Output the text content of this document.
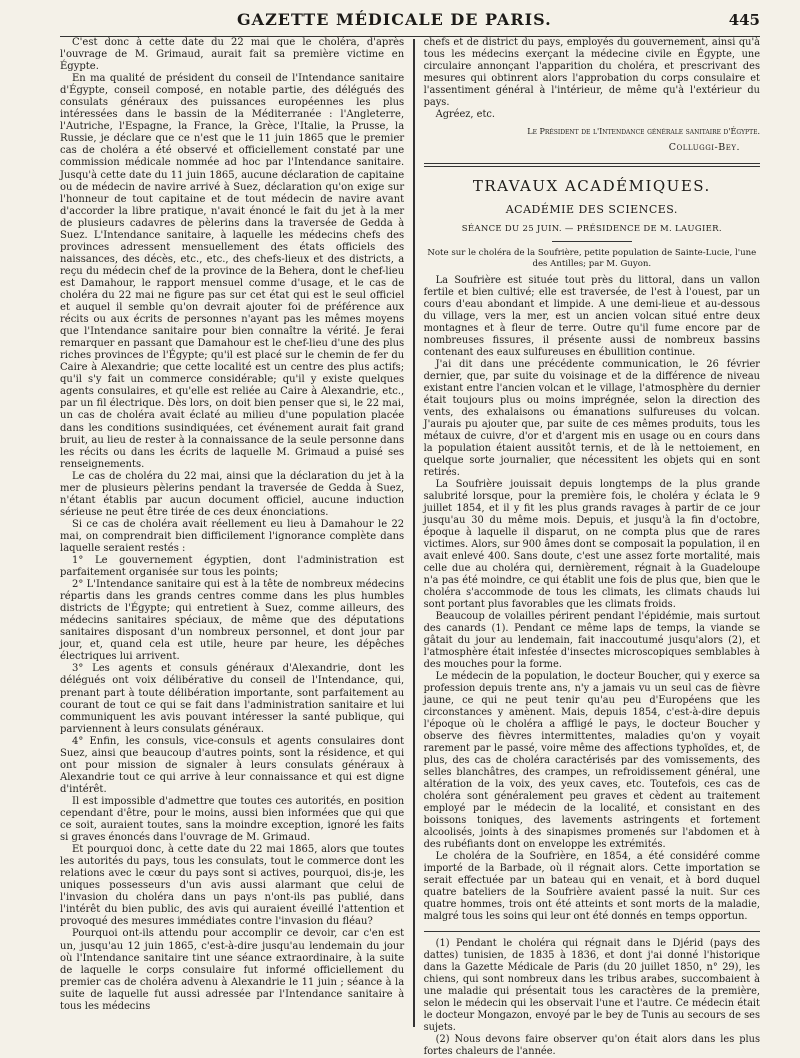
GAZETTE MÉDICALE DE PARIS.	445

C'est donc à cette date du 22 mai que le choléra, d'après l'ouvrage de M. Grimaud, aurait fait sa première victime en Égypte.

En ma qualité de président du conseil de l'Intendance sanitaire d'Égypte, conseil composé, en notable partie, des délégués des consulats généraux des puissances européennes les plus intéressées dans le bassin de la Méditerranée : l'Angleterre, l'Autriche, l'Espagne, la France, la Grèce, l'Italie, la Prusse, la Russie, je déclare que ce n'est que le 11 juin 1865 que le premier cas de choléra a été observé et officiellement constaté par une commission médicale nommée ad hoc par l'Intendance sanitaire. Jusqu'à cette date du 11 juin 1865, aucune déclaration de capitaine ou de médecin de navire arrivé à Suez, déclaration qu'on exige sur l'honneur de tout capitaine et de tout médecin de navire avant d'accorder la libre pratique, n'avait énoncé le fait du jet à la mer de plusieurs cadavres de pèlerins dans la traversée de Gedda à Suez. L'Intendance sanitaire, à laquelle les médecins chefs des provinces adressent mensuellement des états officiels des naissances, des décès, etc., etc., des chefs-lieux et des districts, a reçu du médecin chef de la province de la Behera, dont le chef-lieu est Damahour, le rapport mensuel comme d'usage, et le cas de choléra du 22 mai ne figure pas sur cet état qui est le seul officiel et auquel il semble qu'on devrait ajouter foi de préférence aux récits ou aux écrits de personnes n'ayant pas les mêmes moyens que l'Intendance sanitaire pour bien connaître la vérité. Je ferai remarquer en passant que Damahour est le chef-lieu d'une des plus riches provinces de l'Égypte; qu'il est placé sur le chemin de fer du Caire à Alexandrie; que cette localité est un centre des plus actifs; qu'il s'y fait un commerce considérable; qu'il y existe quelques agents consulaires, et qu'elle est reliée au Caire à Alexandrie, etc., par un fil électrique. Dès lors, on doit bien penser que si, le 22 mai, un cas de choléra avait éclaté au milieu d'une population placée dans les conditions susindiquées, cet événement aurait fait grand bruit, au lieu de rester à la connaissance de la seule personne dans les récits ou dans les écrits de laquelle M. Grimaud a puisé ses renseignements.

Le cas de choléra du 22 mai, ainsi que la déclaration du jet à la mer de plusieurs pèlerins pendant la traversée de Gedda à Suez, n'étant établis par aucun document officiel, aucune induction sérieuse ne peut être tirée de ces deux énonciations.

Si ce cas de choléra avait réellement eu lieu à Damahour le 22 mai, on comprendrait bien difficilement l'ignorance complète dans laquelle seraient restés :

1° Le gouvernement égyptien, dont l'administration est parfaitement organisée sur tous les points;

2° L'Intendance sanitaire qui est à la tête de nombreux médecins répartis dans les grands centres comme dans les plus humbles districts de l'Égypte; qui entretient à Suez, comme ailleurs, des médecins sanitaires spéciaux, de même que des députations sanitaires disposant d'un nombreux personnel, et dont jour par jour, et, quand cela est utile, heure par heure, les dépêches électriques lui arrivent.

3° Les agents et consuls généraux d'Alexandrie, dont les délégués ont voix délibérative du conseil de l'Intendance, qui, prenant part à toute délibération importante, sont parfaitement au courant de tout ce qui se fait dans l'administration sanitaire et lui communiquent les avis pouvant intéresser la santé publique, qui parviennent à leurs consulats généraux.

4° Enfin, les consuls, vice-consuls et agents consulaires dont Suez, ainsi que beaucoup d'autres points, sont la résidence, et qui ont pour mission de signaler à leurs consulats généraux à Alexandrie tout ce qui arrive à leur connaissance et qui est digne d'intérêt.

Il est impossible d'admettre que toutes ces autorités, en position cependant d'être, pour le moins, aussi bien informées que qui que ce soit, auraient toutes, sans la moindre exception, ignoré les faits si graves énoncés dans l'ouvrage de M. Grimaud.

Et pourquoi donc, à cette date du 22 mai 1865, alors que toutes les autorités du pays, tous les consulats, tout le commerce dont les relations avec le cœur du pays sont si actives, pourquoi, dis-je, les uniques possesseurs d'un avis aussi alarmant que celui de l'invasion du choléra dans un pays n'ont-ils pas publié, dans l'intérêt du bien public, des avis qui auraient éveillé l'attention et provoqué des mesures immédiates contre l'invasion du fléau?

Pourquoi ont-ils attendu pour accomplir ce devoir, car c'en est un, jusqu'au 12 juin 1865, c'est-à-dire jusqu'au lendemain du jour où l'Intendance sanitaire tint une séance extraordinaire, à la suite de laquelle le corps consulaire fut informé officiellement du premier cas de choléra advenu à Alexandrie le 11 juin ; séance à la suite de laquelle fut aussi adressée par l'Intendance sanitaire à tous les médecins

chefs et de district du pays, employés du gouvernement, ainsi qu'à tous les médecins exerçant la médecine civile en Égypte, une circulaire annonçant l'apparition du choléra, et prescrivant des mesures qui obtinrent alors l'approbation du corps consulaire et l'assentiment général à l'intérieur, de même qu'à l'extérieur du pays.

Agréez, etc.

Le Président de l'Intendance générale sanitaire d'Égypte.
Colluggi-Bey.
TRAVAUX ACADÉMIQUES.
ACADÉMIE DES SCIENCES.
SÉANCE DU 25 JUIN. — PRÉSIDENCE DE M. LAUGIER.
Note sur le choléra de la Soufrière, petite population de Sainte-Lucie, l'une des Antilles; par M. Guyon.

La Soufrière est située tout près du littoral, dans un vallon fertile et bien cultivé; elle est traversée, de l'est à l'ouest, par un cours d'eau abondant et limpide. A une demi-lieue et au-dessous du village, vers la mer, est un ancien volcan situé entre deux montagnes et à fleur de terre. Outre qu'il fume encore par de nombreuses fissures, il présente aussi de nombreux bassins contenant des eaux sulfureuses en ébullition continue.

J'ai dit dans une précédente communication, le 26 février dernier, que, par suite du voisinage et de la différence de niveau existant entre l'ancien volcan et le village, l'atmosphère du dernier était toujours plus ou moins imprégnée, selon la direction des vents, des exhalaisons ou émanations sulfureuses du volcan. J'aurais pu ajouter que, par suite de ces mêmes produits, tous les métaux de cuivre, d'or et d'argent mis en usage ou en cours dans la population étaient aussitôt ternis, et de là le nettoiement, en quelque sorte journalier, que nécessitent les objets qui en sont retirés.

La Soufrière jouissait depuis longtemps de la plus grande salubrité lorsque, pour la première fois, le choléra y éclata le 9 juillet 1854, et il y fit les plus grands ravages à partir de ce jour jusqu'au 30 du même mois. Depuis, et jusqu'à la fin d'octobre, époque à laquelle il disparut, on ne compta plus que de rares victimes. Alors, sur 900 âmes dont se composait la population, il en avait enlevé 400. Sans doute, c'est une assez forte mortalité, mais celle due au choléra qui, dernièrement, régnait à la Guadeloupe n'a pas été moindre, ce qui établit une fois de plus que, bien que le choléra s'accommode de tous les climats, les climats chauds lui sont portant plus favorables que les climats froids.

Beaucoup de volailles périrent pendant l'épidémie, mais surtout des canards (1). Pendant ce même laps de temps, la viande se gâtait du jour au lendemain, fait inaccoutumé jusqu'alors (2), et l'atmosphère était infestée d'insectes microscopiques semblables à des mouches pour la forme.

Le médecin de la population, le docteur Boucher, qui y exerce sa profession depuis trente ans, n'y a jamais vu un seul cas de fièvre jaune, ce qui ne peut tenir qu'au peu d'Européens que les circonstances y amènent. Mais, depuis 1854, c'est-à-dire depuis l'époque où le choléra a affligé le pays, le docteur Boucher y observe des fièvres intermittentes, maladies qu'on y voyait rarement par le passé, voire même des affections typhoïdes, et, de plus, des cas de choléra caractérisés par des vomissements, des selles blanchâtres, des crampes, un refroidissement général, une altération de la voix, des yeux caves, etc. Toutefois, ces cas de choléra sont généralement peu graves et cèdent au traitement employé par le médecin de la localité, et consistant en des boissons toniques, des lavements astringents et fortement alcoolisés, joints à des sinapismes promenés sur l'abdomen et à des rubéfiants dont on enveloppe les extrémités.

Le choléra de la Soufrière, en 1854, a été considéré comme importé de la Barbade, où il régnait alors. Cette importation se serait effectuée par un bateau qui en venait, et à bord duquel quatre bateliers de la Soufrière avaient passé la nuit. Sur ces quatre hommes, trois ont été atteints et sont morts de la maladie, malgré tous les soins qui leur ont été donnés en temps opportun.

(1) Pendant le choléra qui régnait dans le Djérid (pays des dattes) tunisien, de 1835 à 1836, et dont j'ai donné l'historique dans la Gazette Médicale de Paris (du 20 juillet 1850, n° 29), les chiens, qui sont nombreux dans les tribus arabes, succombaient à une maladie qui présentait tous les caractères de la première, selon le médecin qui les observait l'une et l'autre. Ce médecin était le docteur Mongazon, envoyé par le bey de Tunis au secours de ses sujets.

(2) Nous devons faire observer qu'on était alors dans les plus fortes chaleurs de l'année.
